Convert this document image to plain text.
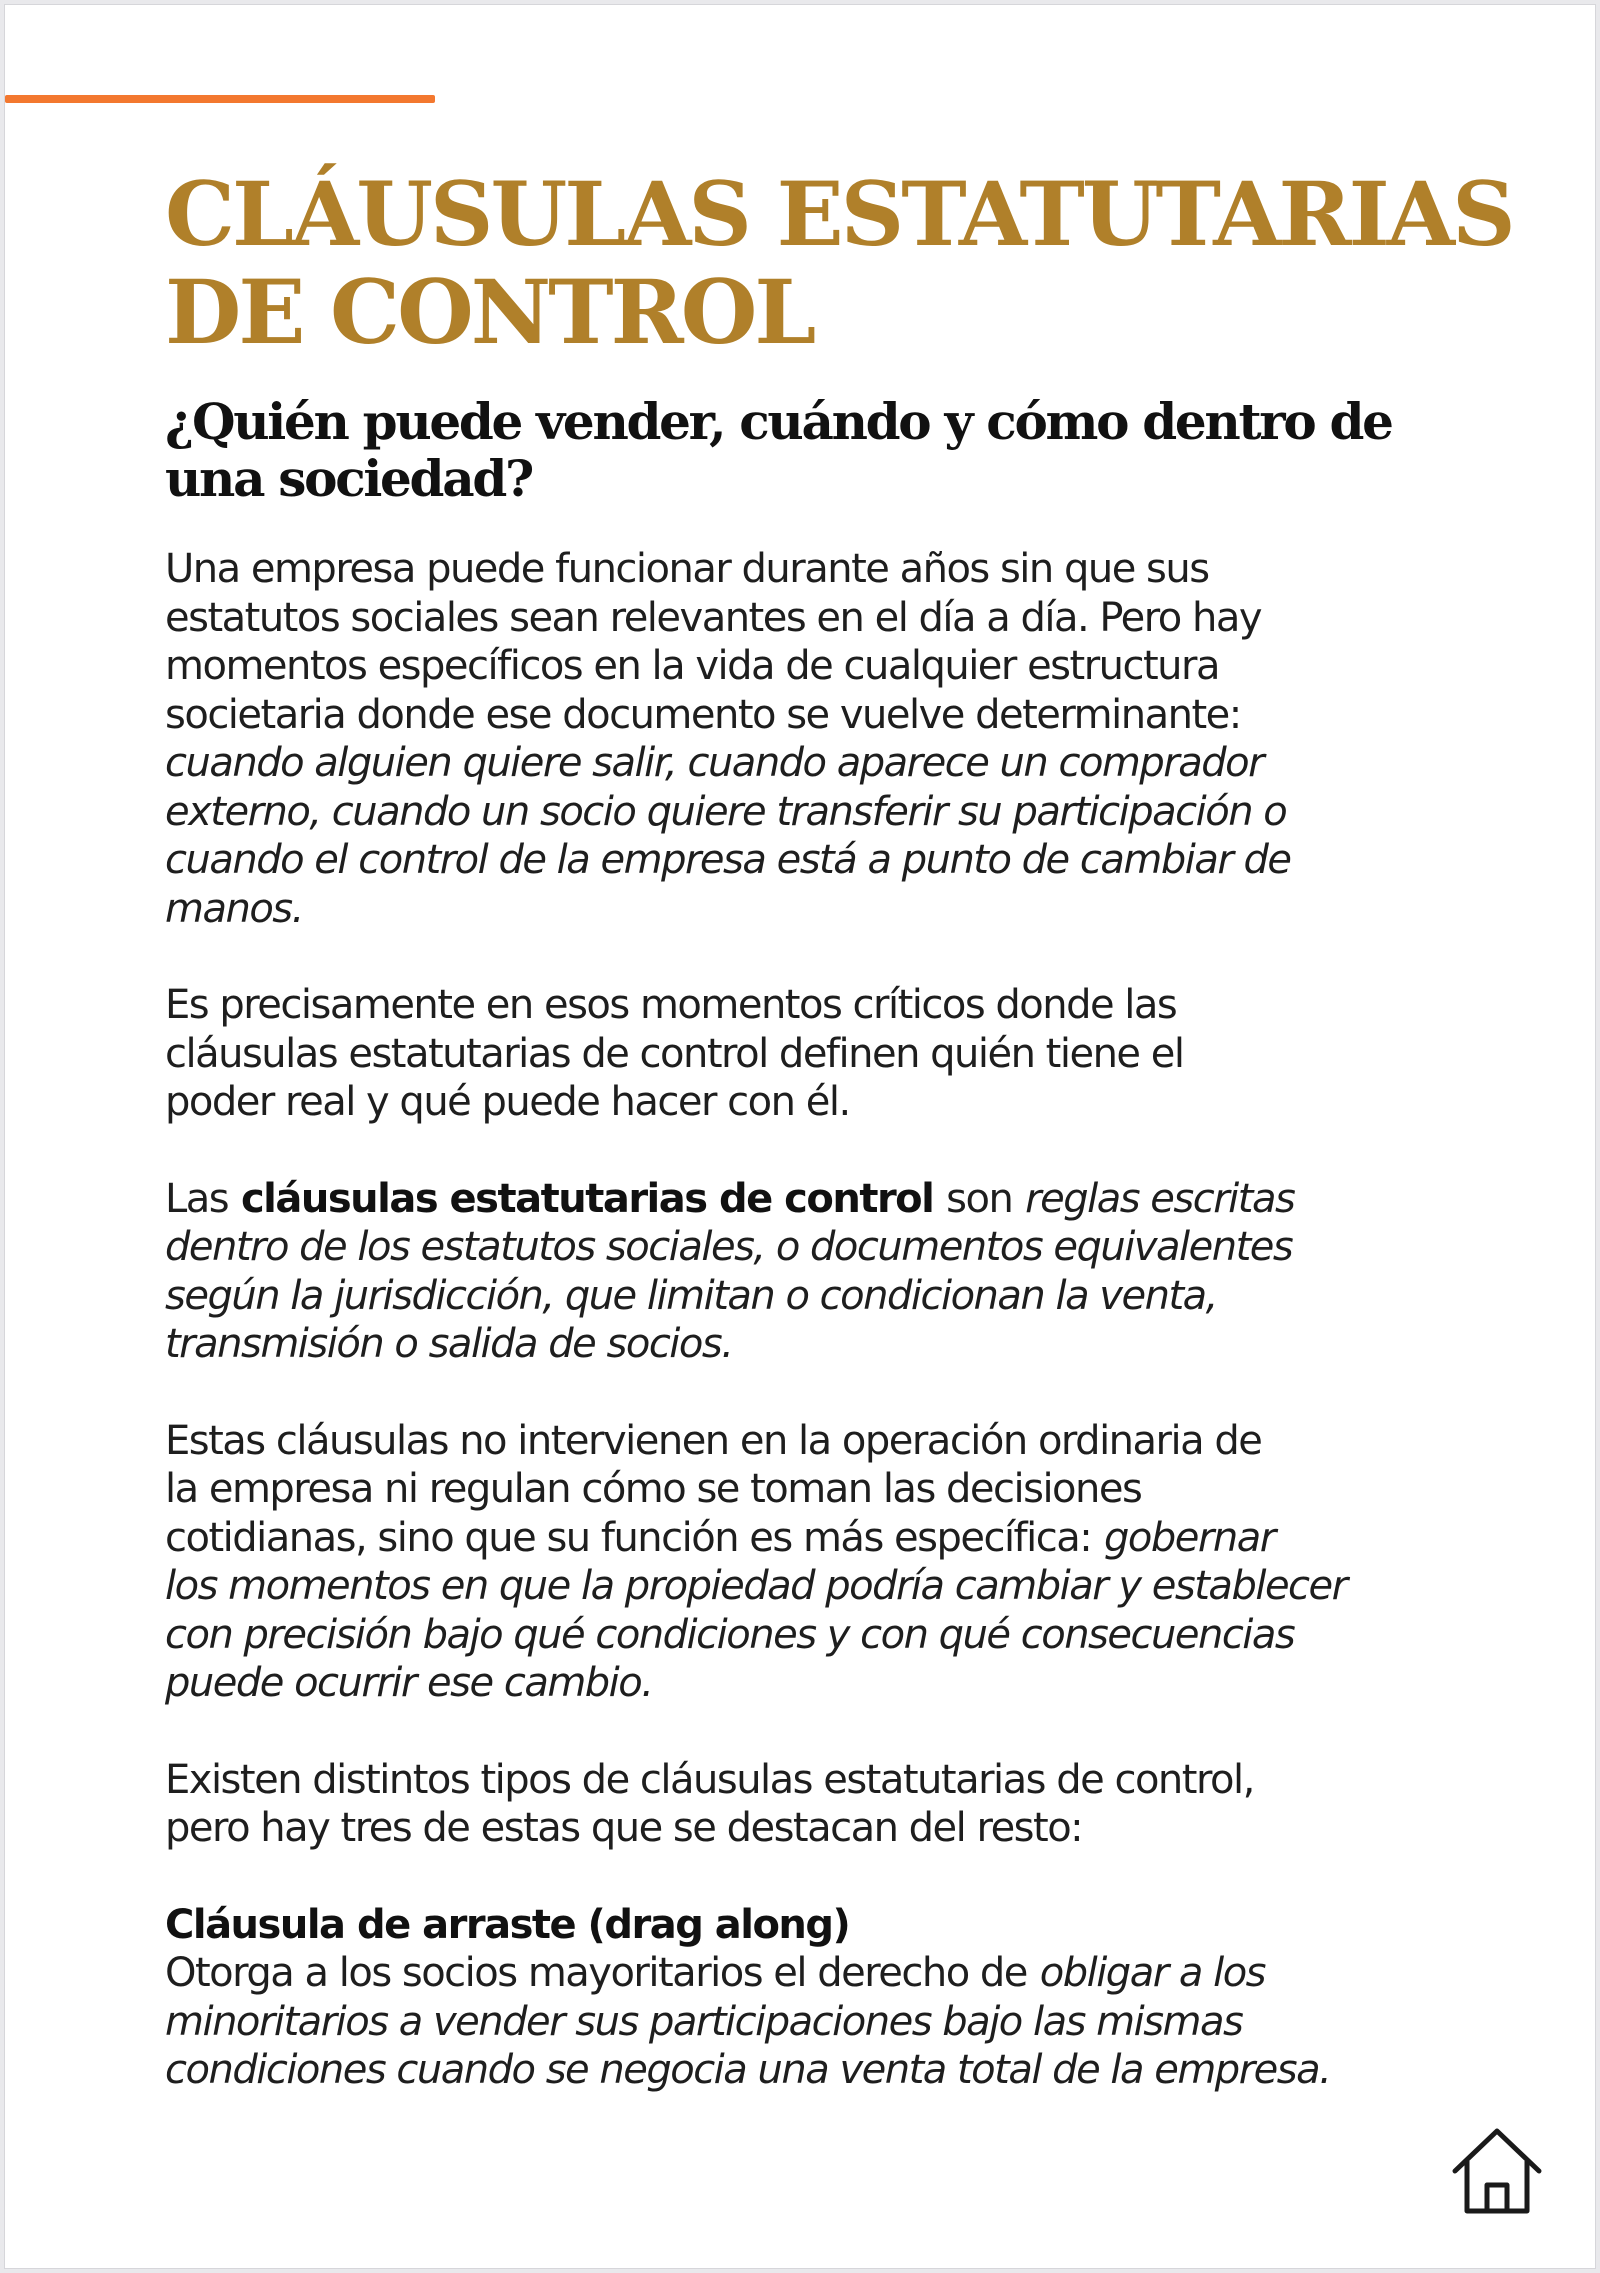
CLÁUSULAS ESTATUTARIAS
DE CONTROL
¿Quién puede vender, cuándo y cómo dentro de
una sociedad?

Una empresa puede funcionar durante años sin que sus
estatutos sociales sean relevantes en el día a día. Pero hay
momentos específicos en la vida de cualquier estructura
societaria donde ese documento se vuelve determinante:
cuando alguien quiere salir, cuando aparece un comprador
externo, cuando un socio quiere transferir su participación o
cuando el control de la empresa está a punto de cambiar de
manos.

Es precisamente en esos momentos críticos donde las
cláusulas estatutarias de control definen quién tiene el
poder real y qué puede hacer con él.

Las cláusulas estatutarias de control son reglas escritas
dentro de los estatutos sociales, o documentos equivalentes
según la jurisdicción, que limitan o condicionan la venta,
transmisión o salida de socios.

Estas cláusulas no intervienen en la operación ordinaria de
la empresa ni regulan cómo se toman las decisiones
cotidianas, sino que su función es más específica: gobernar
los momentos en que la propiedad podría cambiar y establecer
con precisión bajo qué condiciones y con qué consecuencias
puede ocurrir ese cambio.

Existen distintos tipos de cláusulas estatutarias de control,
pero hay tres de estas que se destacan del resto:

Cláusula de arraste (drag along)
Otorga a los socios mayoritarios el derecho de obligar a los
minoritarios a vender sus participaciones bajo las mismas
condiciones cuando se negocia una venta total de la empresa.
